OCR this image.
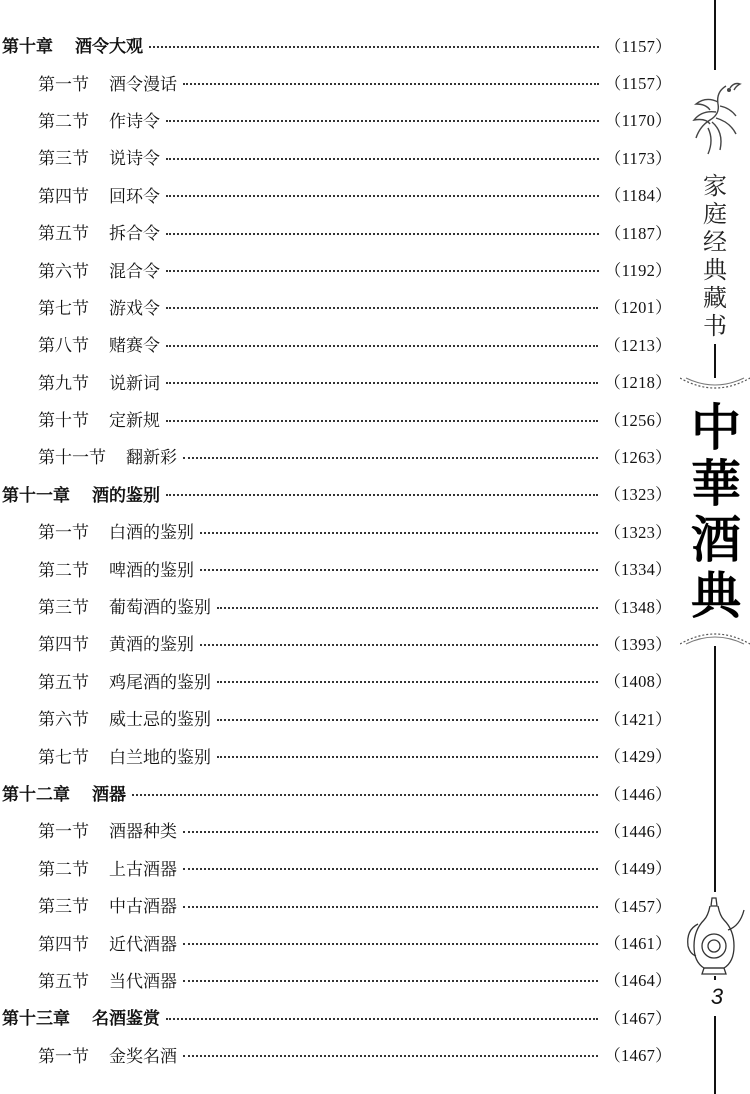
第十章 酒令大观	（1157）
第一节 酒令漫话	（1157）
第二节 作诗令	（1170）
第三节 说诗令	（1173）
第四节 回环令	（1184）
第五节 拆合令	（1187）
第六节 混合令	（1192）
第七节 游戏令	（1201）
第八节 赌赛令	（1213）
第九节 说新词	（1218）
第十节 定新规	（1256）
第十一节 翻新彩	（1263）
第十一章 酒的鉴别	（1323）
第一节 白酒的鉴别	（1323）
第二节 啤酒的鉴别	（1334）
第三节 葡萄酒的鉴别	（1348）
第四节 黄酒的鉴别	（1393）
第五节 鸡尾酒的鉴别	（1408）
第六节 威士忌的鉴别	（1421）
第七节 白兰地的鉴别	（1429）
第十二章 酒器	（1446）
第一节 酒器种类	（1446）
第二节 上古酒器	（1449）
第三节 中古酒器	（1457）
第四节 近代酒器	（1461）
第五节 当代酒器	（1464）
第十三章 名酒鉴赏	（1467）
第一节 金奖名酒	（1467）
家
庭
经
典
藏
书
中
華
酒
典
3
